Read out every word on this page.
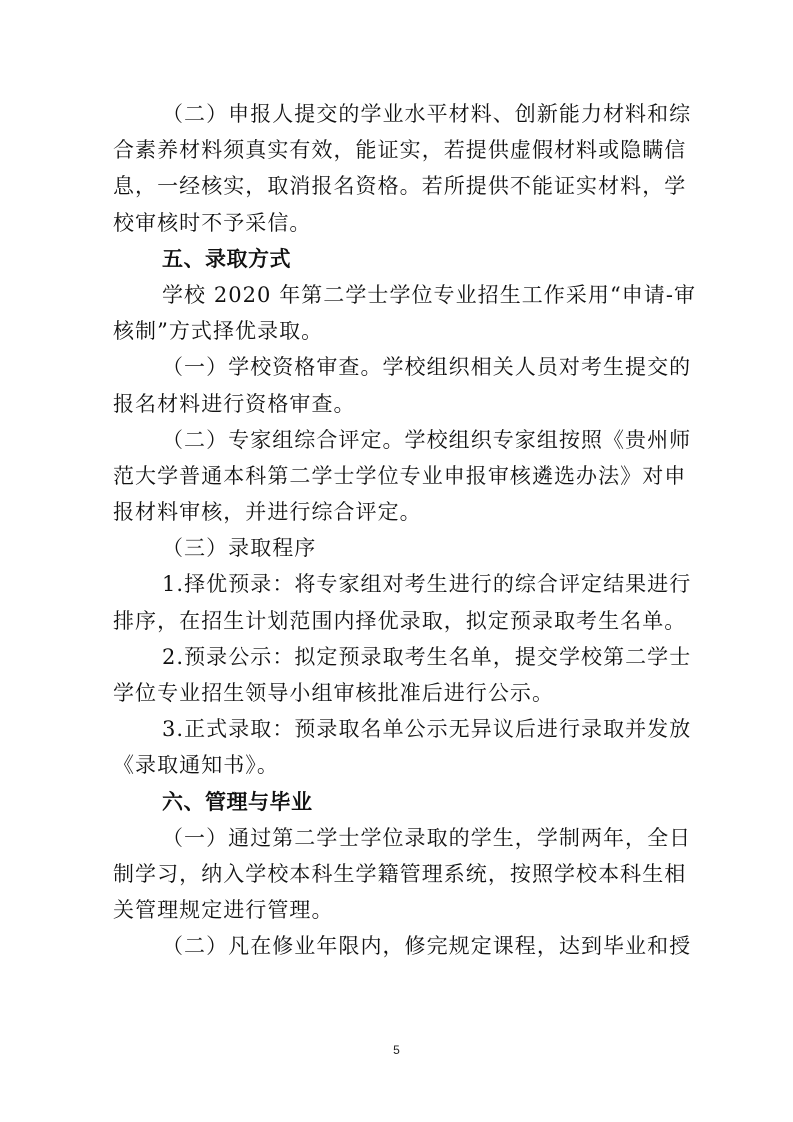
（二）申报人提交的学业水平材料、创新能力材料和综
合素养材料须真实有效，能证实，若提供虚假材料或隐瞒信
息，一经核实，取消报名资格。若所提供不能证实材料，学
校审核时不予采信。
五、录取方式
学校 2020 年第二学士学位专业招生工作采用“申请-审
核制”方式择优录取。
（一）学校资格审查。学校组织相关人员对考生提交的
报名材料进行资格审查。
（二）专家组综合评定。学校组织专家组按照《贵州师
范大学普通本科第二学士学位专业申报审核遴选办法》对申
报材料审核，并进行综合评定。
（三）录取程序
1.择优预录：将专家组对考生进行的综合评定结果进行
排序，在招生计划范围内择优录取，拟定预录取考生名单。
2.预录公示：拟定预录取考生名单，提交学校第二学士
学位专业招生领导小组审核批准后进行公示。
3.正式录取：预录取名单公示无异议后进行录取并发放
《录取通知书》。
六、管理与毕业
（一）通过第二学士学位录取的学生，学制两年，全日
制学习，纳入学校本科生学籍管理系统，按照学校本科生相
关管理规定进行管理。
（二）凡在修业年限内，修完规定课程，达到毕业和授
5
